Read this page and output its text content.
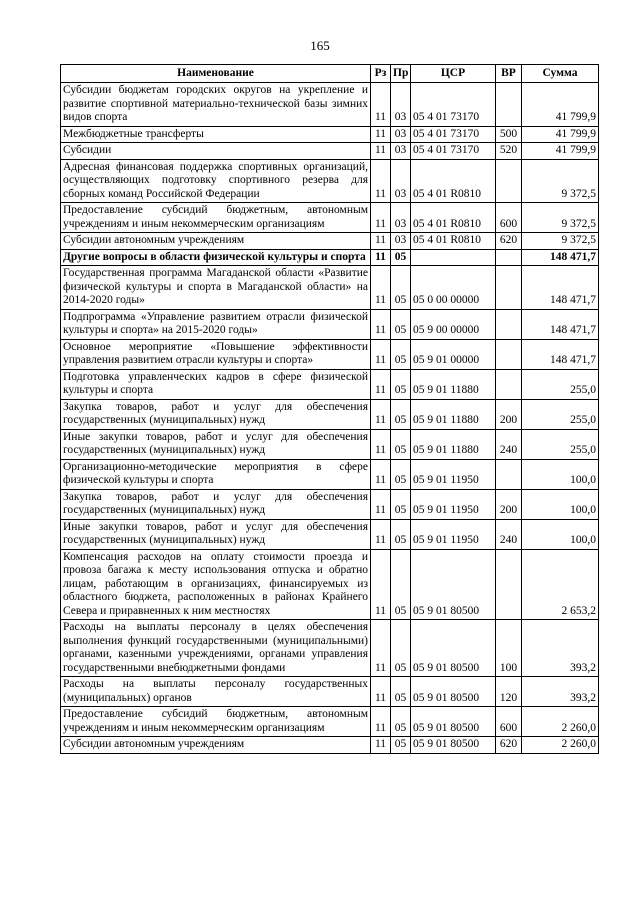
165
Наименование	Рз	Пр	ЦСР	ВР	Сумма
Субсидии бюджетам городских округов на укрепление и развитие спортивной материально-технической базы зимних видов спорта	11	03	05 4 01 73170		41 799,9
Межбюджетные трансферты	11	03	05 4 01 73170	500	41 799,9
Субсидии	11	03	05 4 01 73170	520	41 799,9
Адресная финансовая поддержка спортивных организаций, осуществляющих подготовку спортивного резерва для сборных команд Российской Федерации	11	03	05 4 01 R0810		9 372,5
Предоставление субсидий бюджетным, автономным учреждениям и иным некоммерческим организациям	11	03	05 4 01 R0810	600	9 372,5
Субсидии автономным учреждениям	11	03	05 4 01 R0810	620	9 372,5
Другие вопросы в области физической культуры и спорта	11	05			148 471,7
Государственная программа Магаданской области «Развитие физической культуры и спорта в Магаданской области» на 2014-2020 годы»	11	05	05 0 00 00000		148 471,7
Подпрограмма «Управление развитием отрасли физической культуры и спорта» на 2015-2020 годы»	11	05	05 9 00 00000		148 471,7
Основное мероприятие «Повышение эффективности управления развитием отрасли культуры и спорта»	11	05	05 9 01 00000		148 471,7
Подготовка управленческих кадров в сфере физической культуры и спорта	11	05	05 9 01 11880		255,0
Закупка товаров, работ и услуг для обеспечения государственных (муниципальных) нужд	11	05	05 9 01 11880	200	255,0
Иные закупки товаров, работ и услуг для обеспечения государственных (муниципальных) нужд	11	05	05 9 01 11880	240	255,0
Организационно-методические мероприятия в сфере физической культуры и спорта	11	05	05 9 01 11950		100,0
Закупка товаров, работ и услуг для обеспечения государственных (муниципальных) нужд	11	05	05 9 01 11950	200	100,0
Иные закупки товаров, работ и услуг для обеспечения государственных (муниципальных) нужд	11	05	05 9 01 11950	240	100,0
Компенсация расходов на оплату стоимости проезда и провоза багажа к месту использования отпуска и обратно лицам, работающим в организациях, финансируемых из областного бюджета, расположенных в районах Крайнего Севера и приравненных к ним местностях	11	05	05 9 01 80500		2 653,2
Расходы на выплаты персоналу в целях обеспечения выполнения функций государственными (муниципальными) органами, казенными учреждениями, органами управления государственными внебюджетными фондами	11	05	05 9 01 80500	100	393,2
Расходы на выплаты персоналу государственных (муниципальных) органов	11	05	05 9 01 80500	120	393,2
Предоставление субсидий бюджетным, автономным учреждениям и иным некоммерческим организациям	11	05	05 9 01 80500	600	2 260,0
Субсидии автономным учреждениям	11	05	05 9 01 80500	620	2 260,0
